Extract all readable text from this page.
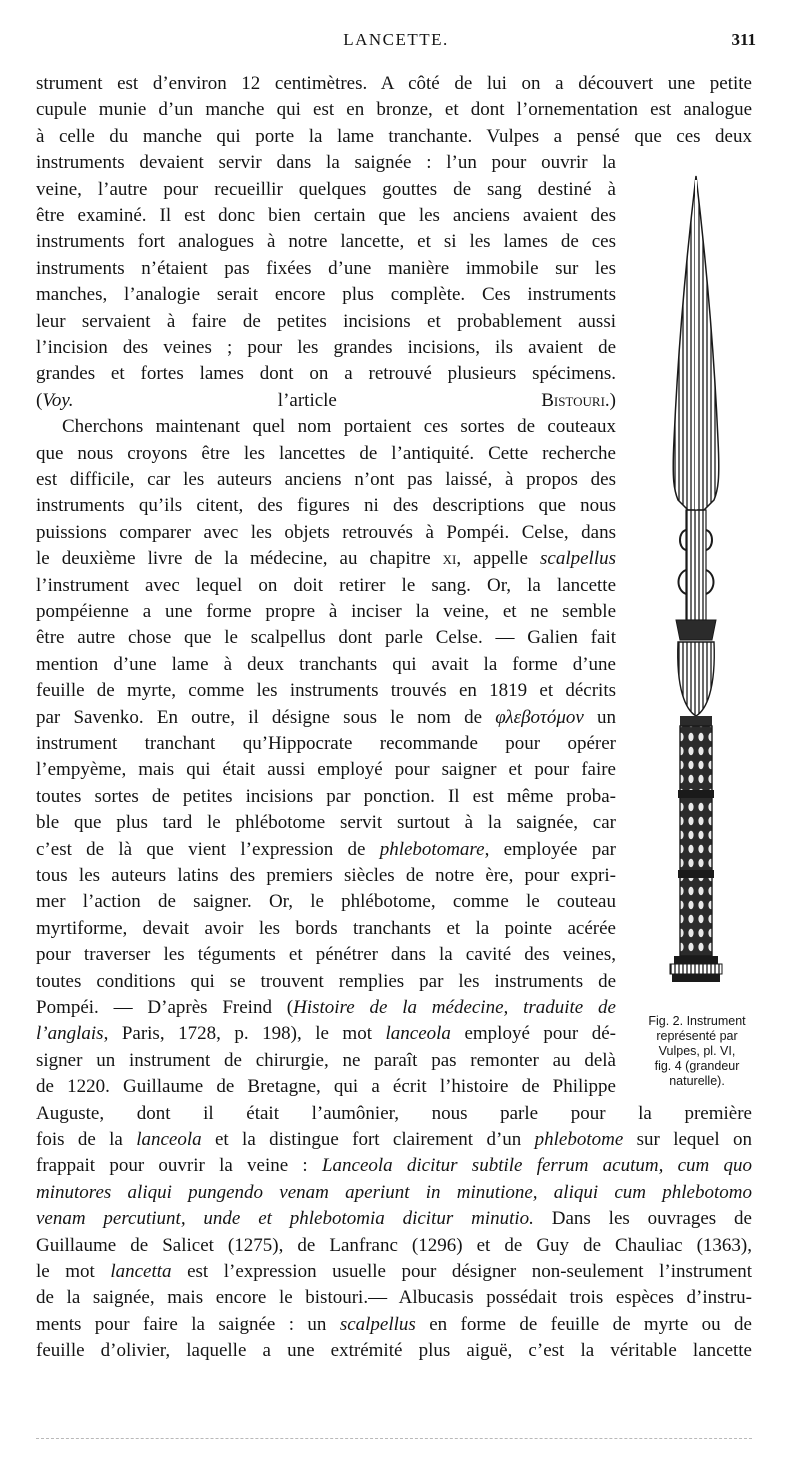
LANCETTE.	311
strument est d’environ 12 centimètres. A côté de lui on a découvert une petite
cupule munie d’un manche qui est en bronze, et dont l’ornementation est analogue
à celle du manche qui porte la lame tranchante. Vulpes a pensé que ces deux
instruments devaient servir dans la saignée : l’un pour ouvrir la
veine, l’autre pour recueillir quelques gouttes de sang destiné à
être examiné. Il est donc bien certain que les anciens avaient des
instruments fort analogues à notre lancette, et si les lames de ces
instruments n’étaient pas fixées d’une manière immobile sur les
manches, l’analogie serait encore plus complète. Ces instruments
leur servaient à faire de petites incisions et probablement aussi
l’incision des veines ; pour les grandes incisions, ils avaient de
grandes et fortes lames dont on a retrouvé plusieurs spécimens.
(Voy. l’article Bistouri.)
Cherchons maintenant quel nom portaient ces sortes de couteaux
que nous croyons être les lancettes de l’antiquité. Cette recherche
est difficile, car les auteurs anciens n’ont pas laissé, à propos des
instruments qu’ils citent, des figures ni des descriptions que nous
puissions comparer avec les objets retrouvés à Pompéi. Celse, dans
le deuxième livre de la médecine, au chapitre xi, appelle scalpellus
l’instrument avec lequel on doit retirer le sang. Or, la lancette
pompéienne a une forme propre à inciser la veine, et ne semble
être autre chose que le scalpellus dont parle Celse. — Galien fait
mention d’une lame à deux tranchants qui avait la forme d’une
feuille de myrte, comme les instruments trouvés en 1819 et décrits
par Savenko. En outre, il désigne sous le nom de φλεβοτόμον un
instrument tranchant qu’Hippocrate recommande pour opérer
l’empyème, mais qui était aussi employé pour saigner et pour faire
toutes sortes de petites incisions par ponction. Il est même proba-
ble que plus tard le phlébotome servit surtout à la saignée, car
c’est de là que vient l’expression de phlebotomare, employée par
tous les auteurs latins des premiers siècles de notre ère, pour expri-
mer l’action de saigner. Or, le phlébotome, comme le couteau
myrtiforme, devait avoir les bords tranchants et la pointe acérée
pour traverser les téguments et pénétrer dans la cavité des veines,
toutes conditions qui se trouvent remplies par les instruments de
Pompéi. — D’après Freind (Histoire de la médecine, traduite de
l’anglais, Paris, 1728, p. 198), le mot lanceola employé pour dé-
signer un instrument de chirurgie, ne paraît pas remonter au delà
de 1220. Guillaume de Bretagne, qui a écrit l’histoire de Philippe
Auguste, dont il était l’aumônier, nous parle pour la première
fois de la lanceola et la distingue fort clairement d’un phlebotome sur lequel on
frappait pour ouvrir la veine : Lanceola dicitur subtile ferrum acutum, cum quo
minutores aliqui pungendo venam aperiunt in minutione, aliqui cum phlebotomo
venam percutiunt, unde et phlebotomia dicitur minutio. Dans les ouvrages de
Guillaume de Salicet (1275), de Lanfranc (1296) et de Guy de Chauliac (1363),
le mot lancetta est l’expression usuelle pour désigner non-seulement l’instrument
de la saignée, mais encore le bistouri.— Albucasis possédait trois espèces d’instru-
ments pour faire la saignée : un scalpellus en forme de feuille de myrte ou de
feuille d’olivier, laquelle a une extrémité plus aiguë, c’est la véritable lancette
Fig. 2. Instrument
représenté par
Vulpes, pl. VI,
fig. 4 (grandeur
naturelle).
